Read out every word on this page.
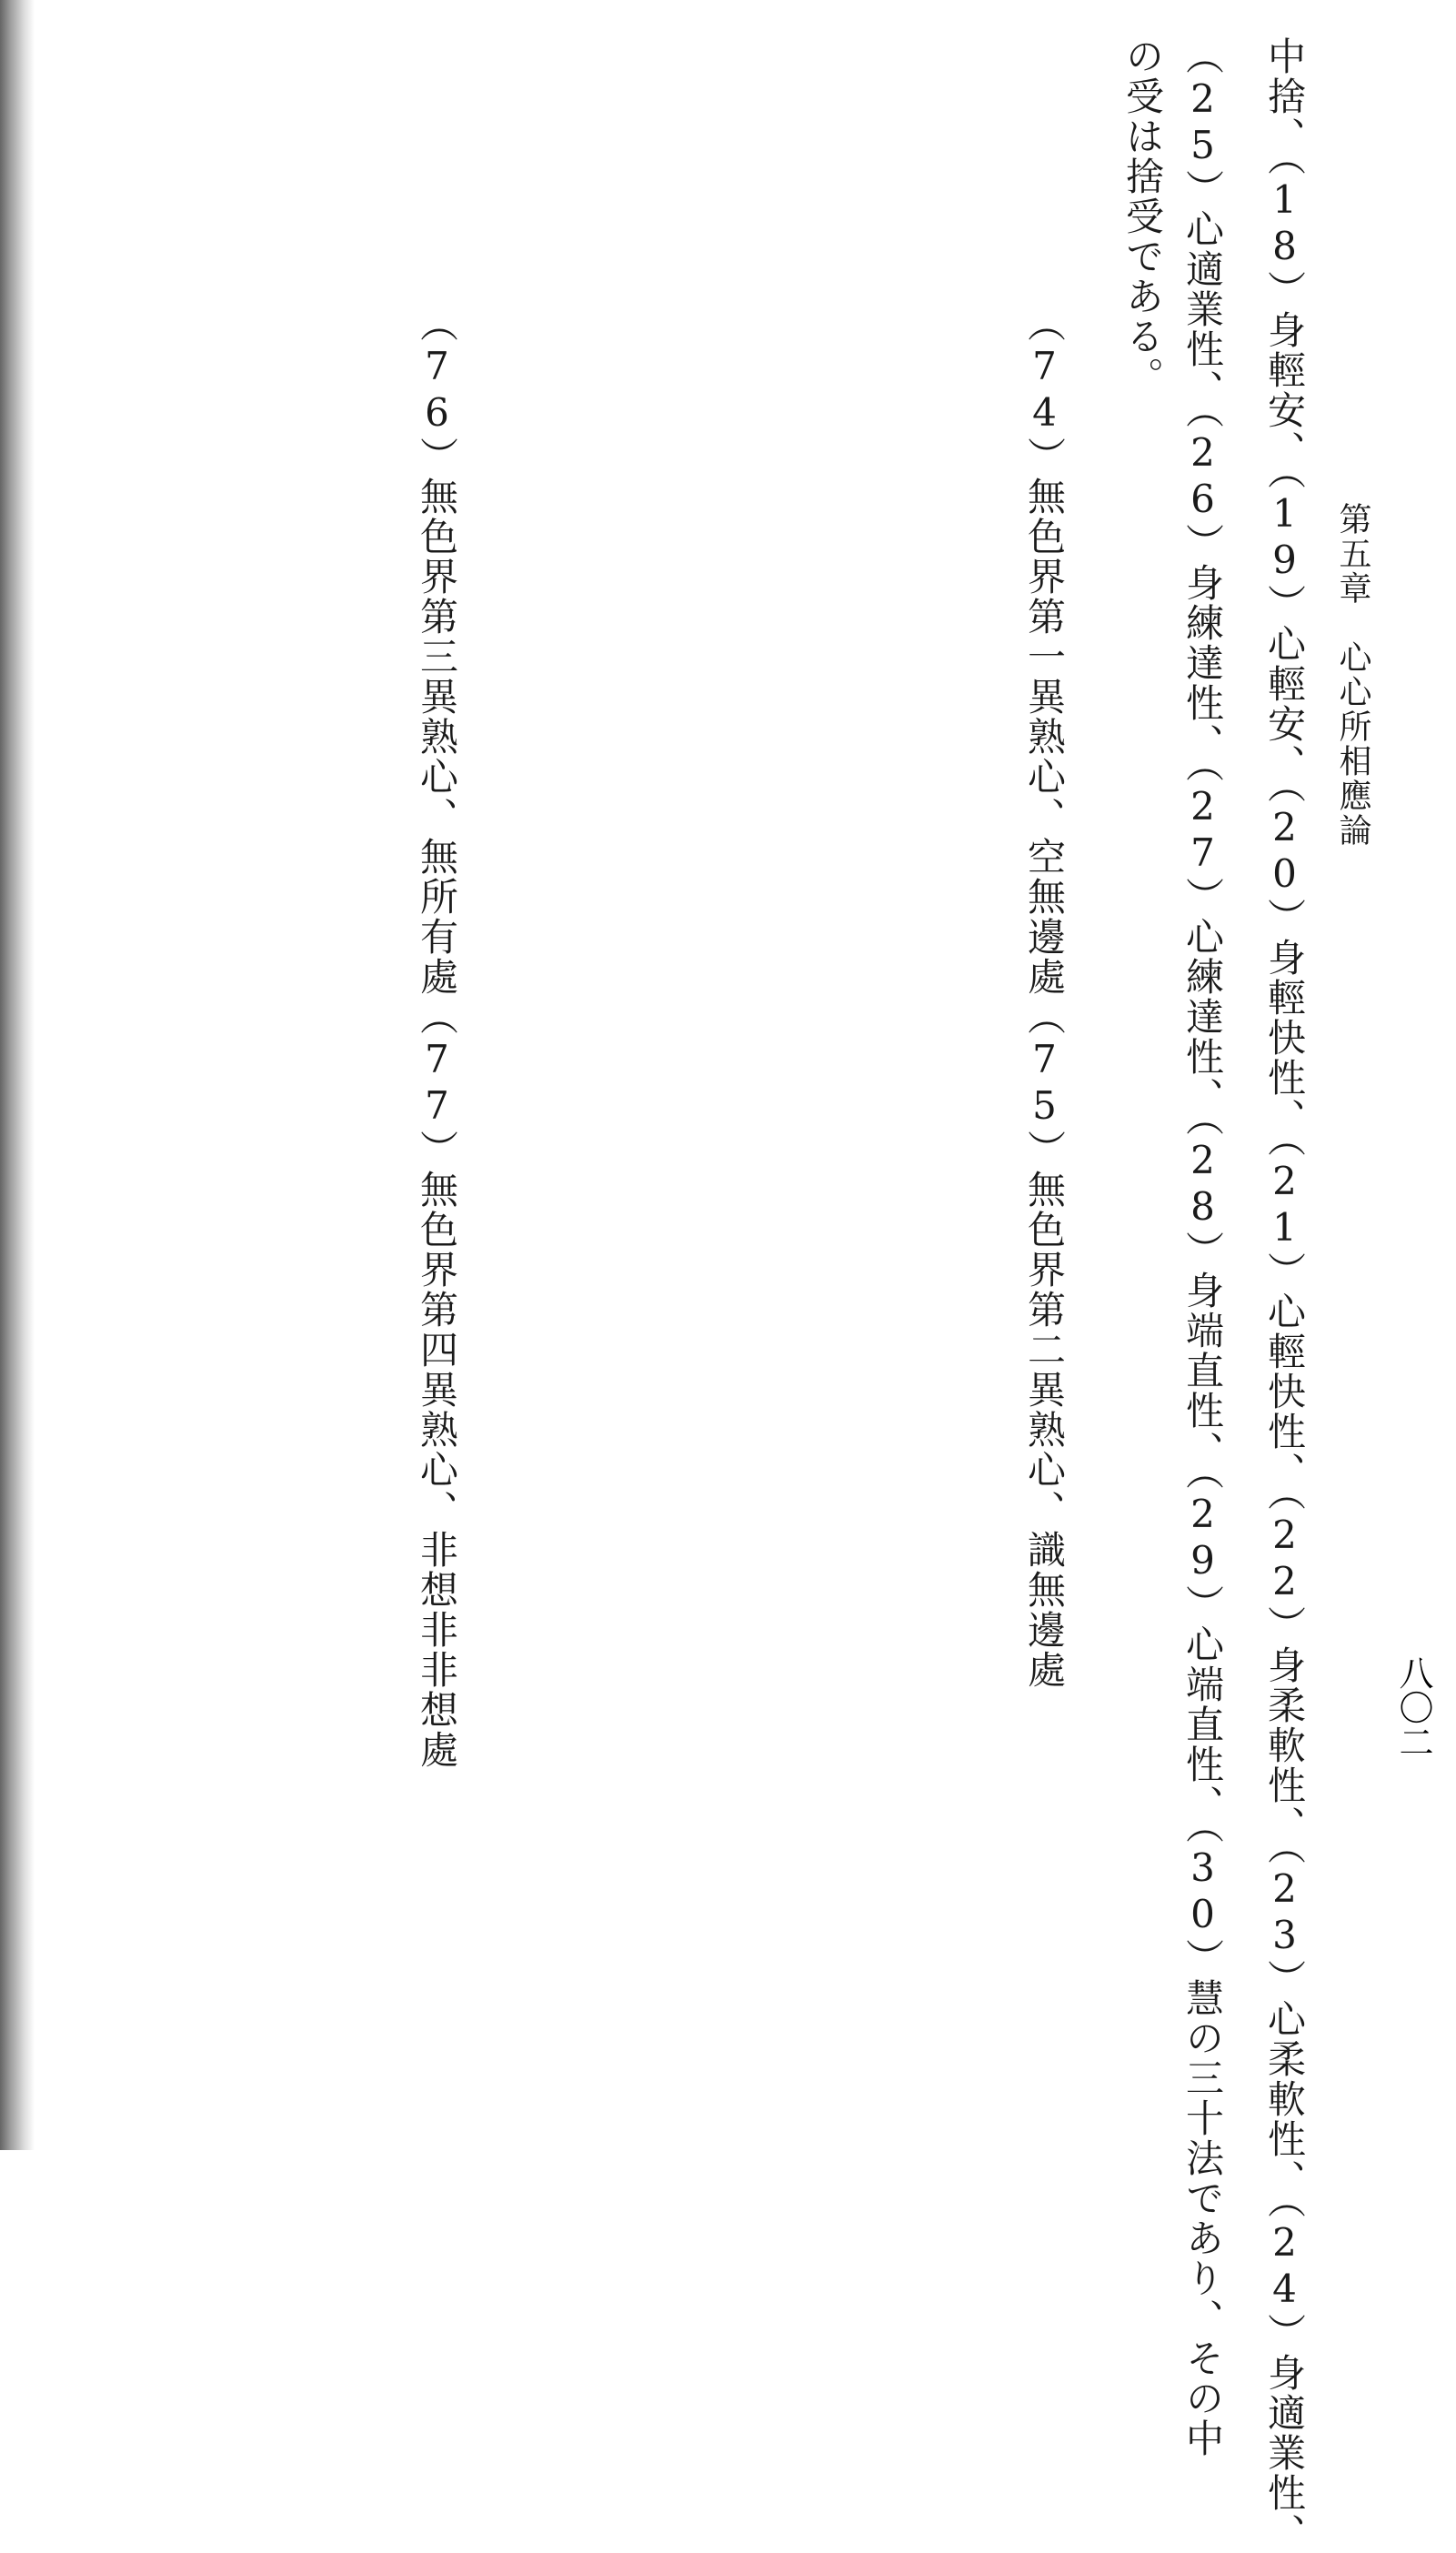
第五章　心心所相應論

中捨、（18）身輕安、（19）心輕安、（20）身輕快性、（21）心輕快性、（22）身柔軟性、（23）心柔軟性、（24）身適業性、
（25）心適業性、（26）身練達性、（27）心練達性、（28）身端直性、（29）心端直性、（30）慧の三十法であり、その中
の受は捨受である。

（74）無色界第一異熟心、空無邊處（75）無色界第二異熟心、識無邊處

（76）無色界第三異熟心、無所有處（77）無色界第四異熟心、非想非非想處

	八〇二
